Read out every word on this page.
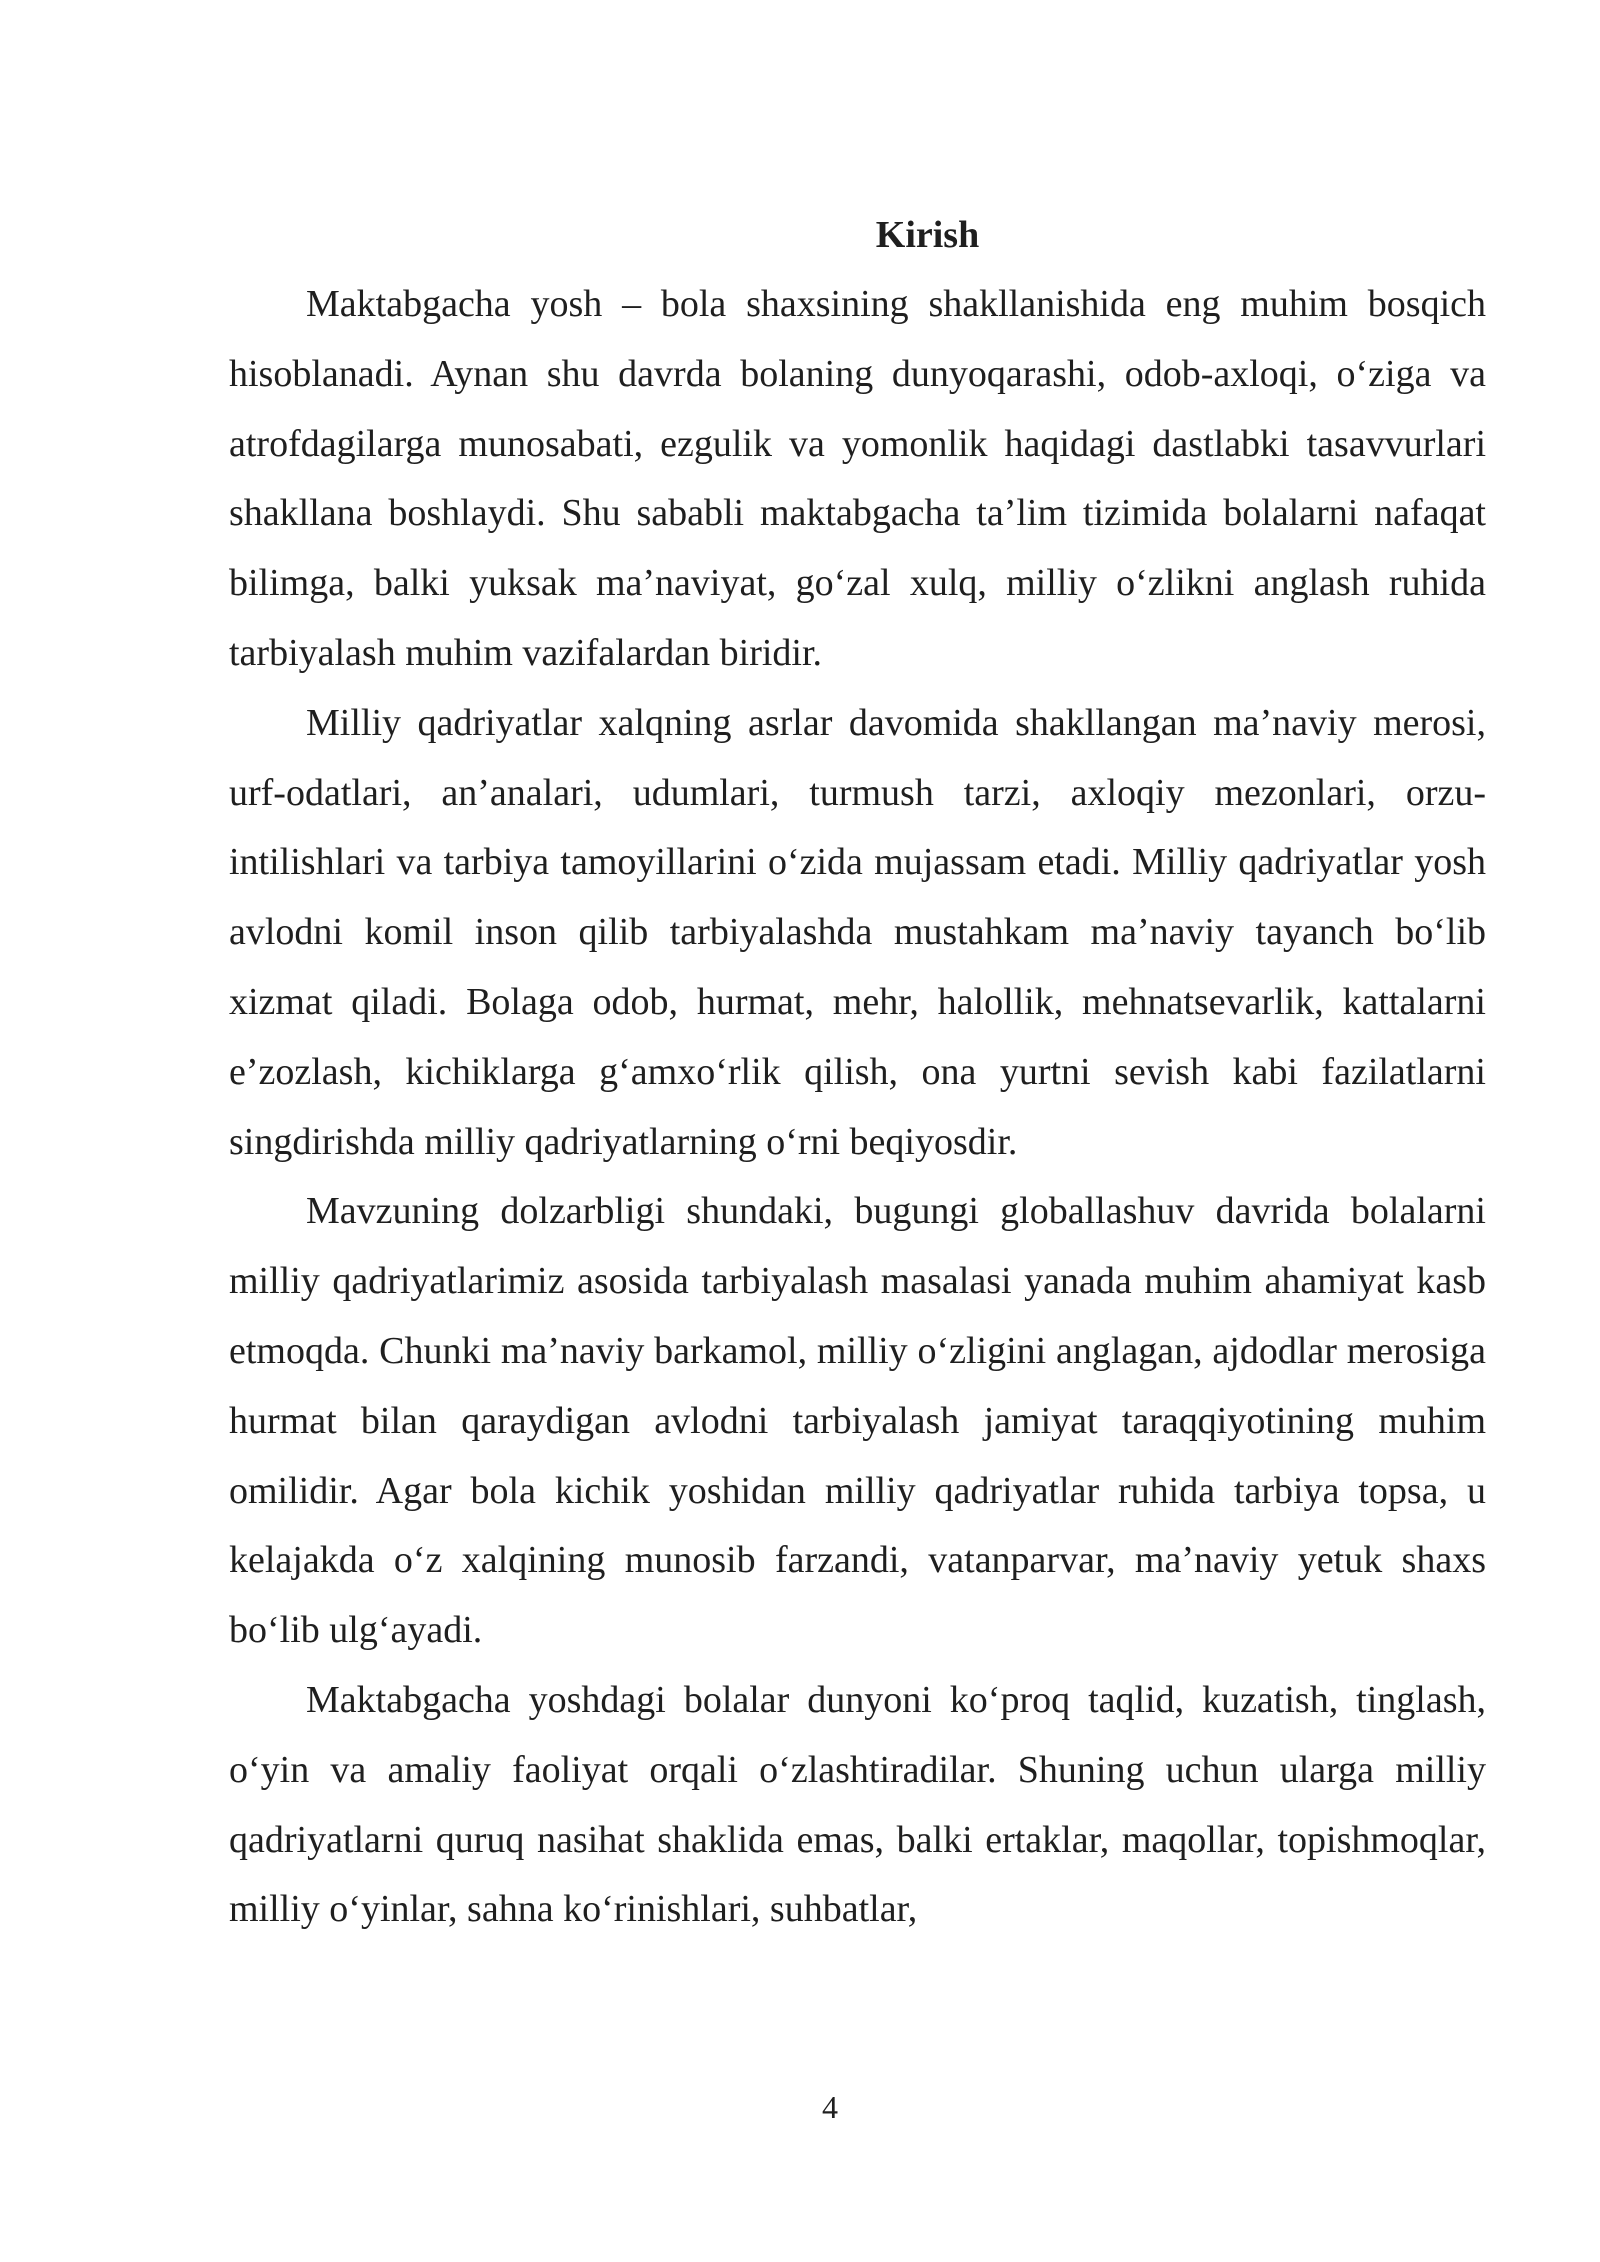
Kirish

Maktabgacha yosh – bola shaxsining shakllanishida eng muhim bosqich hisoblanadi. Aynan shu davrda bolaning dunyoqarashi, odob-axloqi, o‘ziga va atrofdagilarga munosabati, ezgulik va yomonlik haqidagi dastlabki tasavvurlari shakllana boshlaydi. Shu sababli maktabgacha ta’lim tizimida bolalarni nafaqat bilimga, balki yuksak ma’naviyat, go‘zal xulq, milliy o‘zlikni anglash ruhida tarbiyalash muhim vazifalardan biridir.

Milliy qadriyatlar xalqning asrlar davomida shakllangan ma’naviy merosi, urf-odatlari, an’analari, udumlari, turmush tarzi, axloqiy mezonlari, orzu-intilishlari va tarbiya tamoyillarini o‘zida mujassam etadi. Milliy qadriyatlar yosh avlodni komil inson qilib tarbiyalashda mustahkam ma’naviy tayanch bo‘lib xizmat qiladi. Bolaga odob, hurmat, mehr, halollik, mehnatsevarlik, kattalarni e’zozlash, kichiklarga g‘amxo‘rlik qilish, ona yurtni sevish kabi fazilatlarni singdirishda milliy qadriyatlarning o‘rni beqiyosdir.

Mavzuning dolzarbligi shundaki, bugungi globallashuv davrida bolalarni milliy qadriyatlarimiz asosida tarbiyalash masalasi yanada muhim ahamiyat kasb etmoqda. Chunki ma’naviy barkamol, milliy o‘zligini anglagan, ajdodlar merosiga hurmat bilan qaraydigan avlodni tarbiyalash jamiyat taraqqiyotining muhim omilidir. Agar bola kichik yoshidan milliy qadriyatlar ruhida tarbiya topsa, u kelajakda o‘z xalqining munosib farzandi, vatanparvar, ma’naviy yetuk shaxs bo‘lib ulg‘ayadi.

Maktabgacha yoshdagi bolalar dunyoni ko‘proq taqlid, kuzatish, tinglash, o‘yin va amaliy faoliyat orqali o‘zlashtiradilar. Shuning uchun ularga milliy qadriyatlarni quruq nasihat shaklida emas, balki ertaklar, maqollar, topishmoqlar, milliy o‘yinlar, sahna ko‘rinishlari, suhbatlar,

4
